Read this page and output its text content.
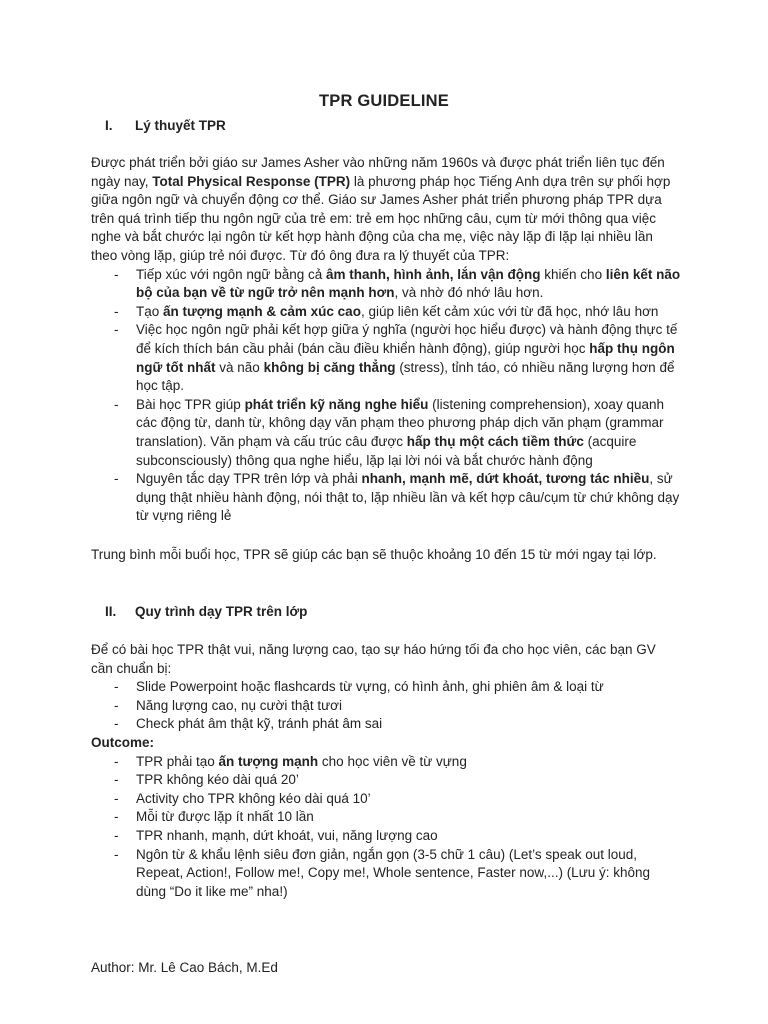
TPR GUIDELINE
I. Lý thuyết TPR

Được phát triển bởi giáo sư James Asher vào những năm 1960s và được phát triển liên tục đến ngày nay, Total Physical Response (TPR) là phương pháp học Tiếng Anh dựa trên sự phối hợp giữa ngôn ngữ và chuyển động cơ thể. Giáo sư James Asher phát triển phương pháp TPR dựa trên quá trình tiếp thu ngôn ngữ của trẻ em: trẻ em học những câu, cụm từ mới thông qua việc nghe và bắt chước lại ngôn từ kết hợp hành động của cha mẹ, việc này lặp đi lặp lại nhiều lần theo vòng lặp, giúp trẻ nói được. Từ đó ông đưa ra lý thuyết của TPR:

- Tiếp xúc với ngôn ngữ bằng cả âm thanh, hình ảnh, lắn vận động khiến cho liên kết não bộ của bạn về từ ngữ trở nên mạnh hơn, và nhờ đó nhớ lâu hơn.
- Tạo ấn tượng mạnh & cảm xúc cao, giúp liên kết cảm xúc với từ đã học, nhớ lâu hơn
- Việc học ngôn ngữ phải kết hợp giữa ý nghĩa (người học hiểu được) và hành động thực tế để kích thích bán cầu phải (bán cầu điều khiển hành động), giúp người học hấp thụ ngôn ngữ tốt nhất và não không bị căng thẳng (stress), tỉnh táo, có nhiều năng lượng hơn để học tập.
- Bài học TPR giúp phát triển kỹ năng nghe hiểu (listening comprehension), xoay quanh các động từ, danh từ, không dạy văn phạm theo phương pháp dịch văn phạm (grammar translation). Văn phạm và cấu trúc câu được hấp thụ một cách tiềm thức (acquire subconsciously) thông qua nghe hiểu, lặp lại lời nói và bắt chước hành động
- Nguyên tắc dạy TPR trên lớp và phải nhanh, mạnh mẽ, dứt khoát, tương tác nhiều, sử dụng thật nhiều hành động, nói thật to, lặp nhiều lần và kết hợp câu/cụm từ chứ không dạy từ vựng riêng lẻ
Trung bình mỗi buổi học, TPR sẽ giúp các bạn sẽ thuộc khoảng 10 đến 15 từ mới ngay tại lớp.
II. Quy trình dạy TPR trên lớp

Để có bài học TPR thật vui, năng lượng cao, tạo sự háo hứng tối đa cho học viên, các bạn GV cần chuẩn bị:

- Slide Powerpoint hoặc flashcards từ vựng, có hình ảnh, ghi phiên âm & loại từ
- Năng lượng cao, nụ cười thật tươi
- Check phát âm thật kỹ, tránh phát âm sai

Outcome:

- TPR phải tạo ấn tượng mạnh cho học viên về từ vựng
- TPR không kéo dài quá 20’
- Activity cho TPR không kéo dài quá 10’
- Mỗi từ được lặp ít nhất 10 lần
- TPR nhanh, mạnh, dứt khoát, vui, năng lượng cao
- Ngôn từ & khẩu lệnh siêu đơn giản, ngắn gọn (3-5 chữ 1 câu) (Let’s speak out loud, Repeat, Action!, Follow me!, Copy me!, Whole sentence, Faster now,...) (Lưu ý: không dùng “Do it like me” nha!)
Author: Mr. Lê Cao Bách, M.Ed
